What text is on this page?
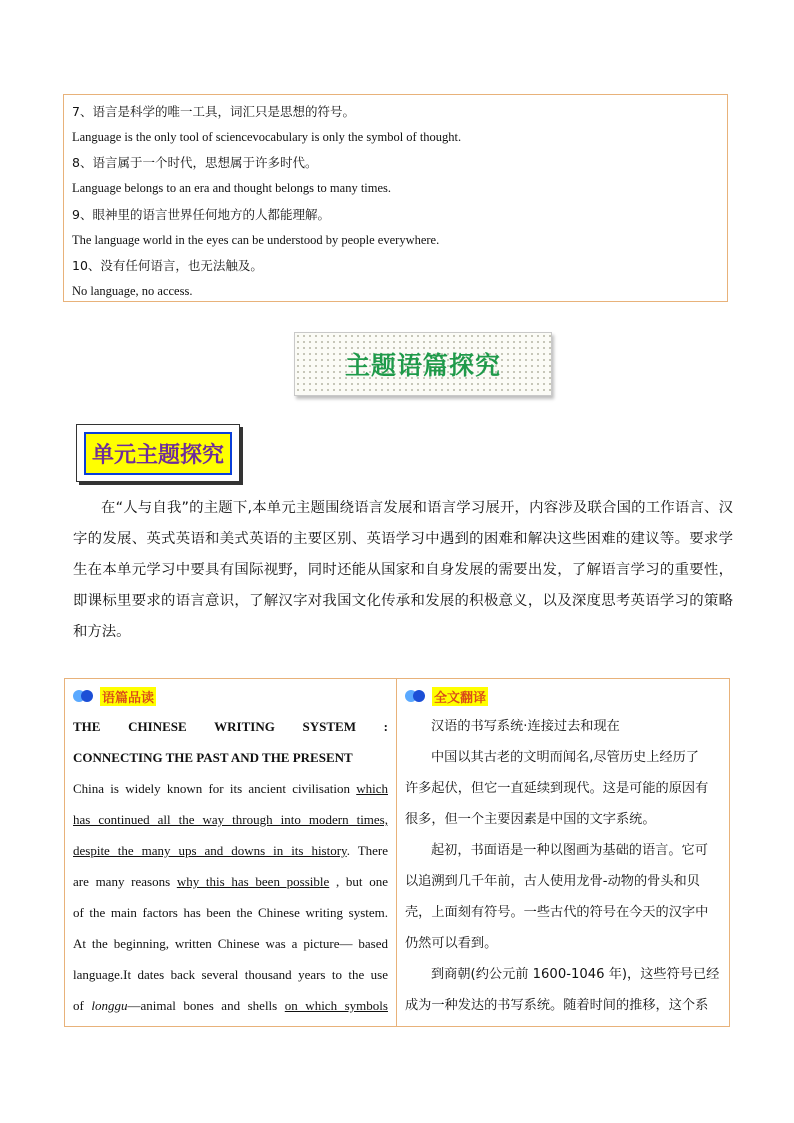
7、语言是科学的唯一工具，词汇只是思想的符号。
Language is the only tool of sciencevocabulary is only the symbol of thought.
8、语言属于一个时代，思想属于许多时代。
Language belongs to an era and thought belongs to many times.
9、眼神里的语言世界任何地方的人都能理解。
The language world in the eyes can be understood by people everywhere.
10、没有任何语言，也无法触及。
No language, no access.
主题语篇探究
单元主题探究
在“人与自我”的主题下,本单元主题围绕语言发展和语言学习展开，内容涉及联合国的工作语言、汉字的发展、英式英语和美式英语的主要区别、英语学习中遇到的困难和解决这些困难的建议等。要求学生在本单元学习中要具有国际视野，同时还能从国家和自身发展的需要出发，了解语言学习的重要性，即课标里要求的语言意识，了解汉字对我国文化传承和发展的积极意义，以及深度思考英语学习的策略和方法。
语篇品读
THE CHINESE WRITING SYSTEM :
CONNECTING THE PAST AND THE PRESENT
China is widely known for its ancient civilisation which
has continued all the way through into modern times,
despite the many ups and downs in its history. There
are many reasons why this has been possible , but one
of the main factors has been the Chinese writing system.
At the beginning, written Chinese was a picture— based
language.It dates back several thousand years to the use
of longgu—animal bones and shells on which symbols
全文翻译
汉语的书写系统·连接过去和现在
中国以其古老的文明而闻名,尽管历史上经历了
许多起伏，但它一直延续到现代。这是可能的原因有
很多，但一个主要因素是中国的文字系统。
起初，书面语是一种以图画为基础的语言。它可
以追溯到几千年前，古人使用龙骨-动物的骨头和贝
壳，上面刻有符号。一些古代的符号在今天的汉字中
仍然可以看到。
到商朝(约公元前 1600-1046 年)，这些符号已经
成为一种发达的书写系统。随着时间的推移，这个系
